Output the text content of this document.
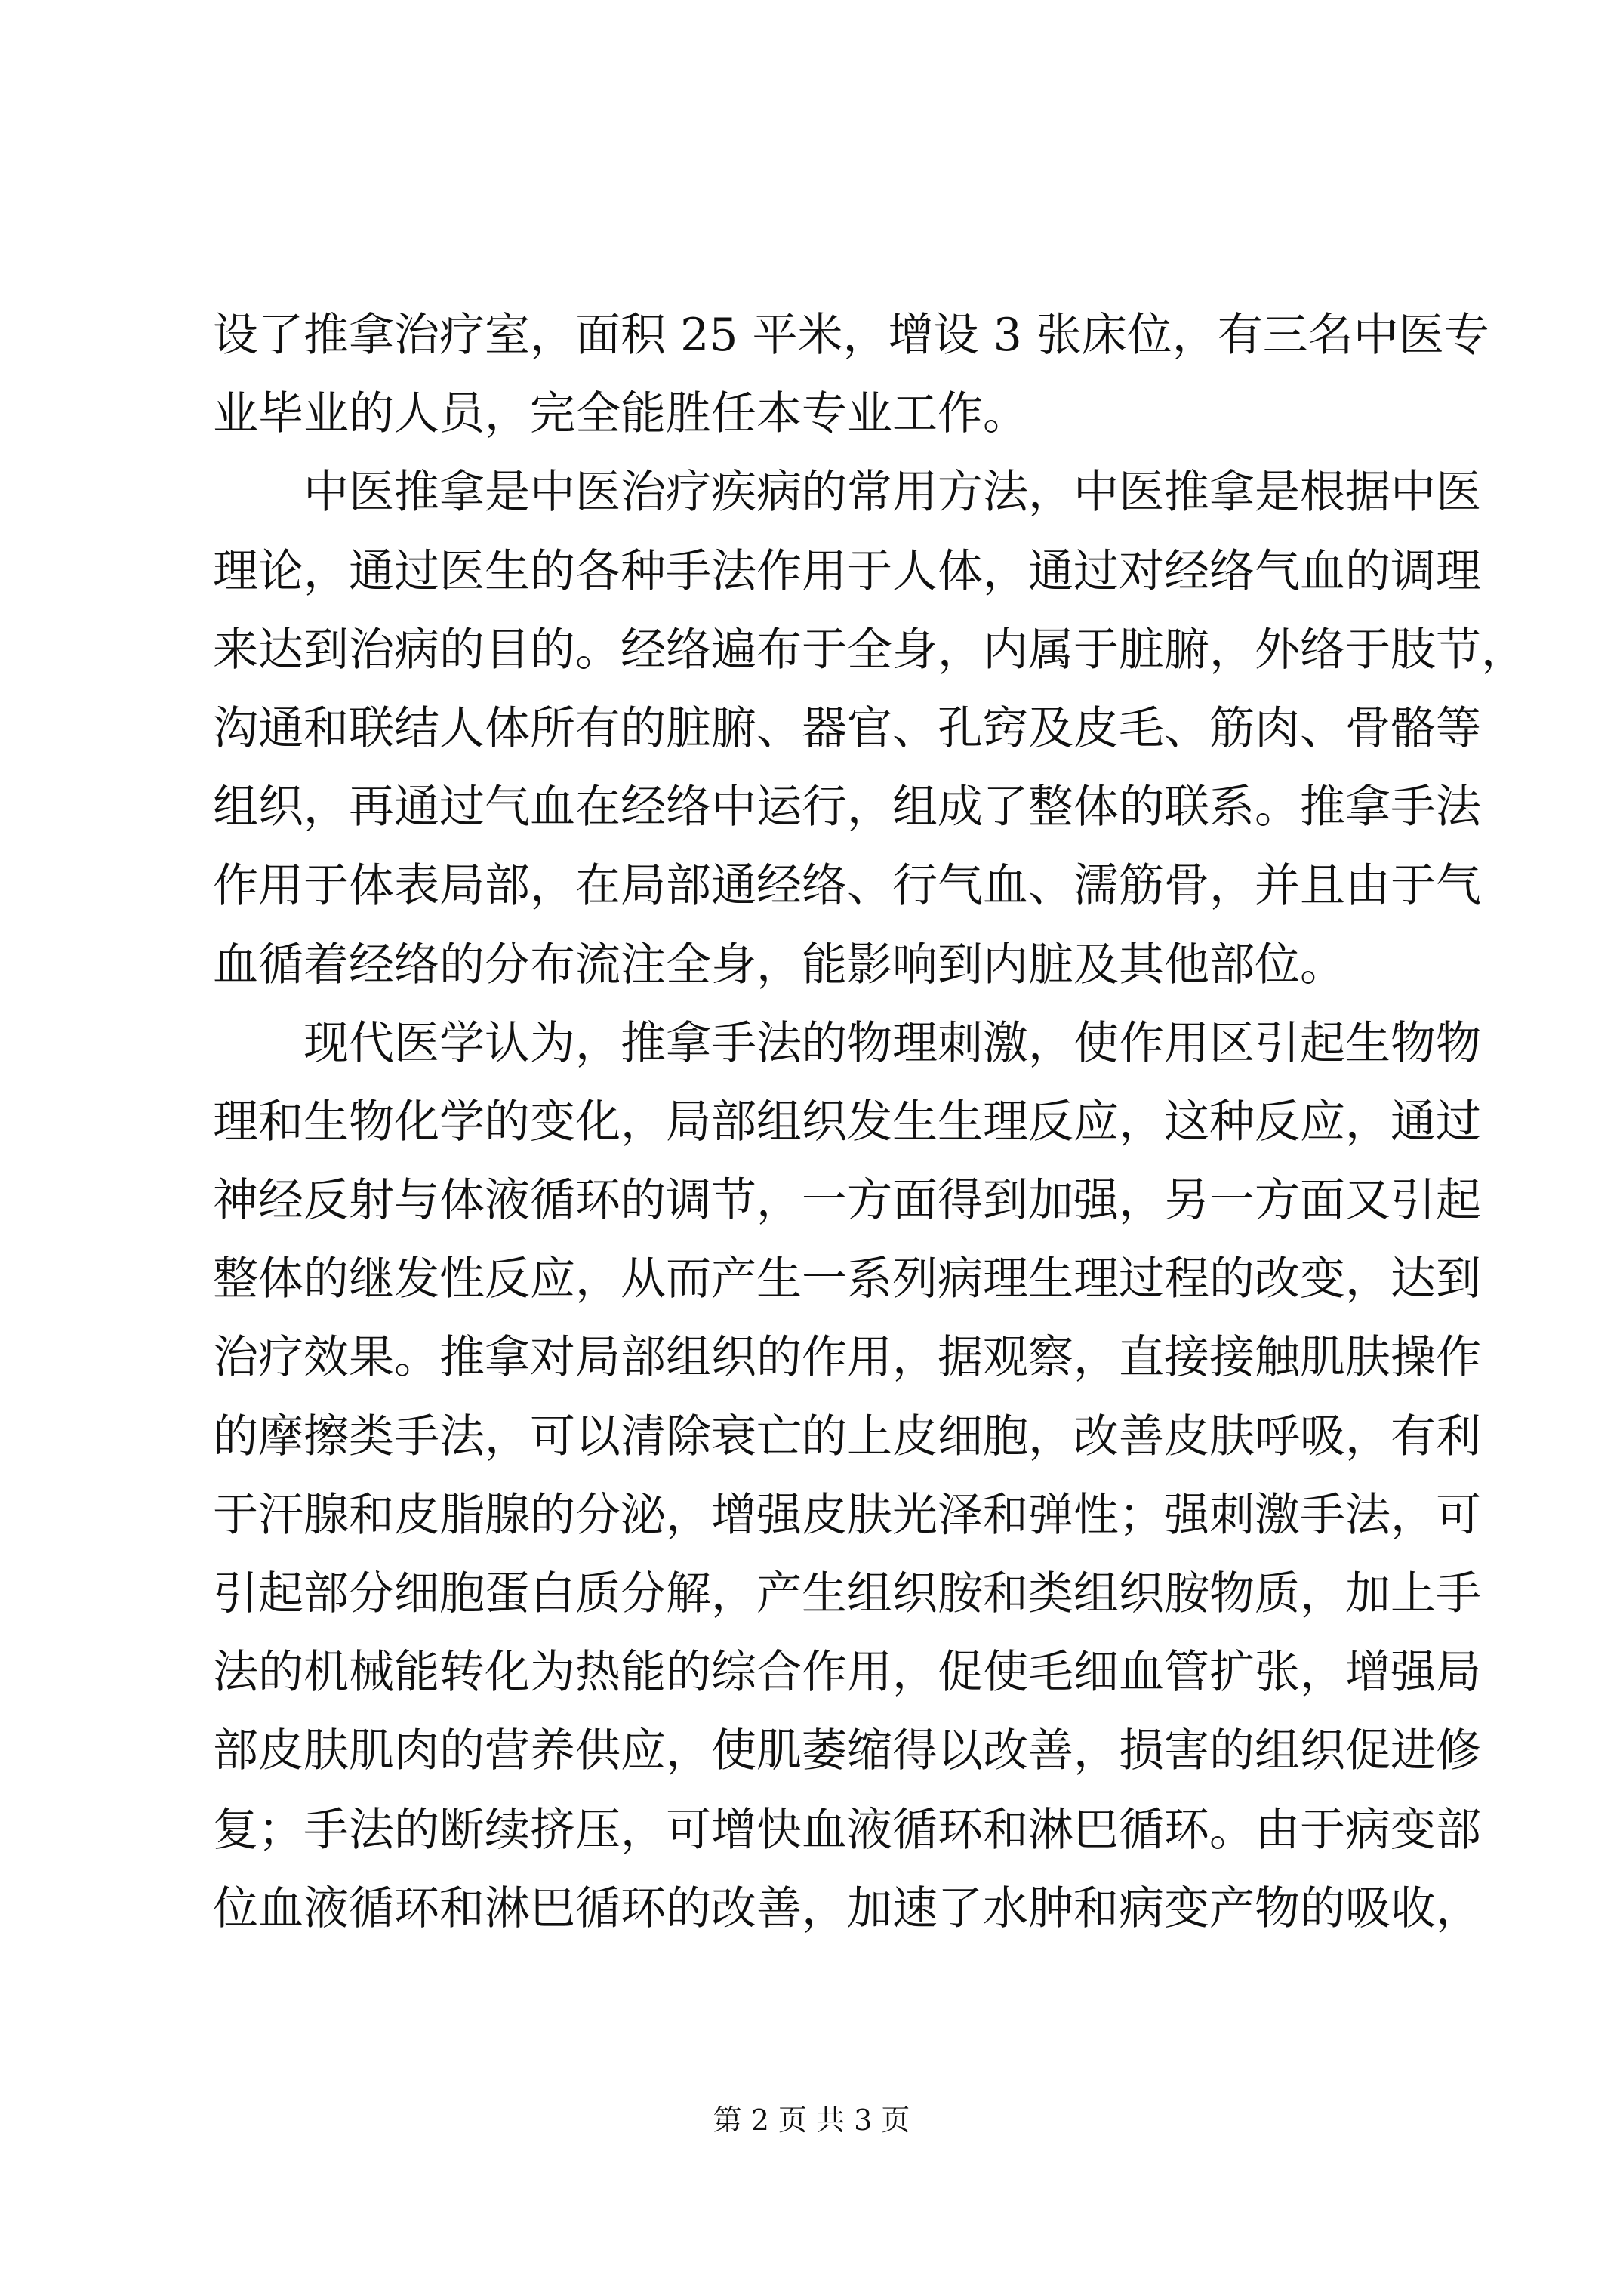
设了推拿治疗室，面积 25 平米，增设 3 张床位，有三名中医专
业毕业的人员，完全能胜任本专业工作。
中医推拿是中医治疗疾病的常用方法，中医推拿是根据中医
理论，通过医生的各种手法作用于人体，通过对经络气血的调理
来达到治病的目的。经络遍布于全身，内属于脏腑，外络于肢节，
沟通和联结人体所有的脏腑、器官、孔窍及皮毛、筋肉、骨骼等
组织，再通过气血在经络中运行，组成了整体的联系。推拿手法
作用于体表局部，在局部通经络、行气血、濡筋骨，并且由于气
血循着经络的分布流注全身，能影响到内脏及其他部位。
现代医学认为，推拿手法的物理刺激，使作用区引起生物物
理和生物化学的变化，局部组织发生生理反应，这种反应，通过
神经反射与体液循环的调节，一方面得到加强，另一方面又引起
整体的继发性反应，从而产生一系列病理生理过程的改变，达到
治疗效果。推拿对局部组织的作用，据观察，直接接触肌肤操作
的摩擦类手法，可以清除衰亡的上皮细胞，改善皮肤呼吸，有利
于汗腺和皮脂腺的分泌，增强皮肤光泽和弹性；强刺激手法，可
引起部分细胞蛋白质分解，产生组织胺和类组织胺物质，加上手
法的机械能转化为热能的综合作用，促使毛细血管扩张，增强局
部皮肤肌肉的营养供应，使肌萎缩得以改善，损害的组织促进修
复；手法的断续挤压，可增快血液循环和淋巴循环。由于病变部
位血液循环和淋巴循环的改善，加速了水肿和病变产物的吸收，
第 2 页 共 3 页
